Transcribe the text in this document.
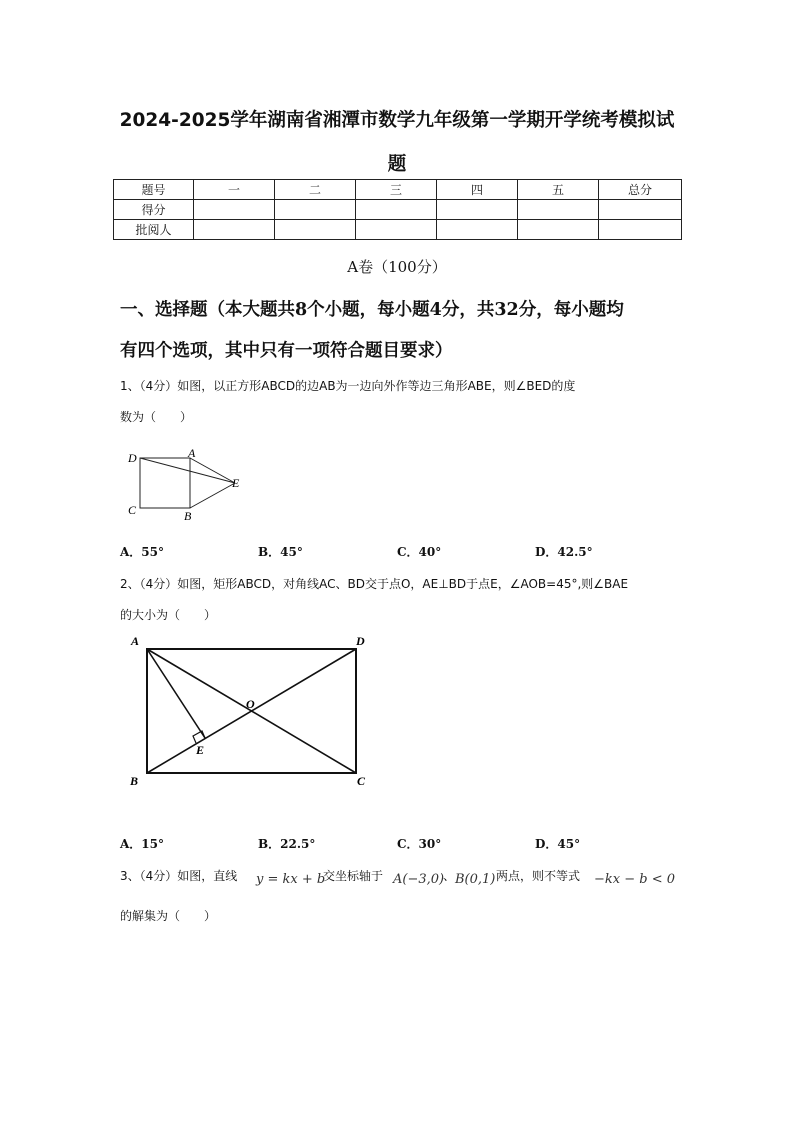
2024-2025学年湖南省湘潭市数学九年级第一学期开学统考模拟试
题
题号	一	二	三	四	五	总分
得分						
批阅人						
A卷（100分）
一、选择题（本大题共8个小题，每小题4分，共32分，每小题均
有四个选项，其中只有一项符合题目要求）
1、（4分）如图，以正方形ABCD的边AB为一边向外作等边三角形ABE，则∠BED的度
数为（　　）
D	A
E
C	B
A．55°	B．45°	C．40°	D．42.5°
2、（4分）如图，矩形ABCD，对角线AC、BD交于点O，AE⊥BD于点E，∠AOB=45°,则∠BAE
的大小为（　　）
A	D
O
E
B	C
A．15°	B．22.5°	C．30°	D．45°
3、（4分）如图，直线 y = kx + b
交坐标轴于 A(−3,0)
、 B(0,1) 两点，则不等式 −kx − b < 0
的解集为（　　）
